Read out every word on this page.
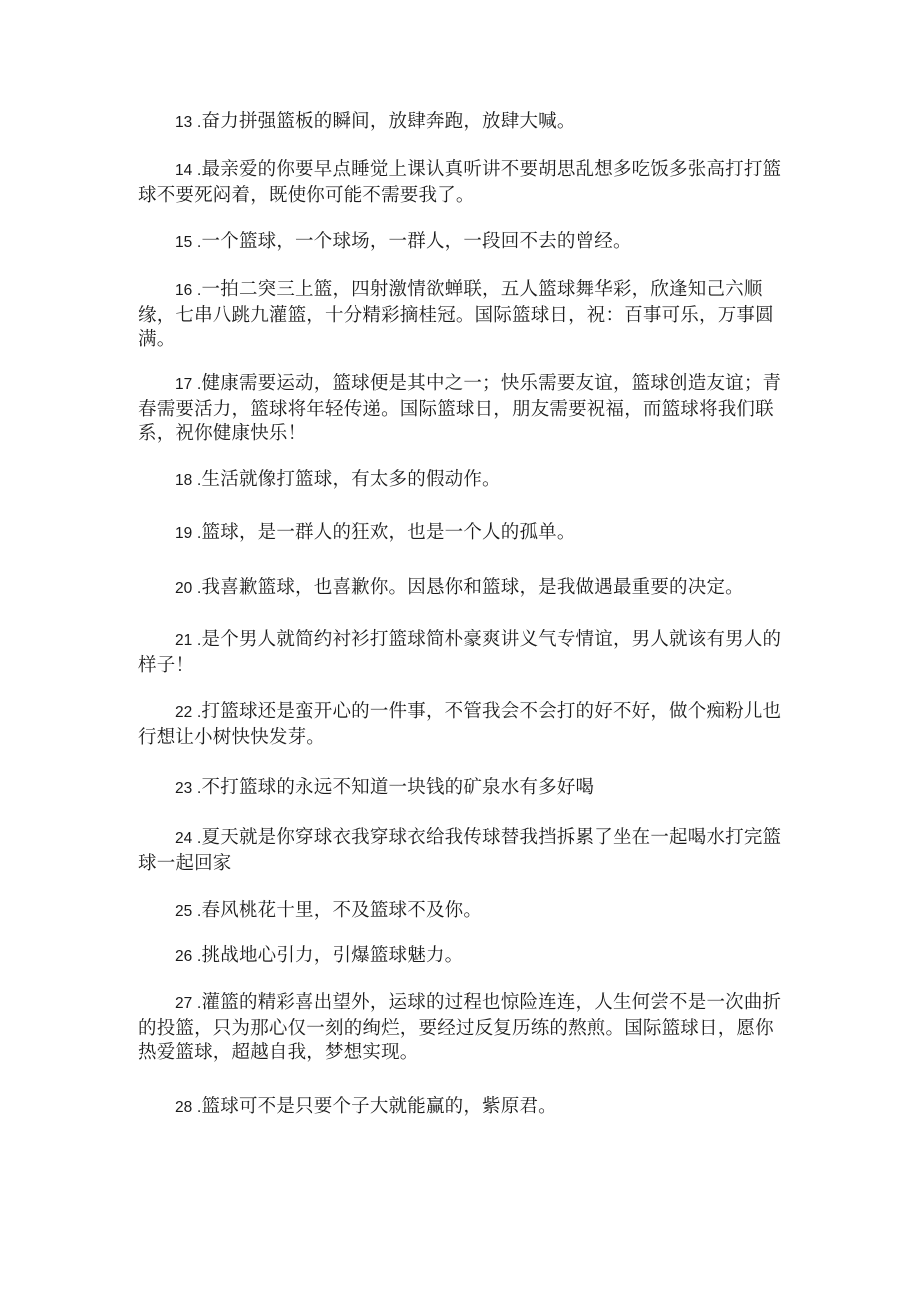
13 .奋力拼强篮板的瞬间，放肆奔跑，放肆大喊。

14 .最亲爱的你要早点睡觉上课认真听讲不要胡思乱想多吃饭多张高打打篮球不要死闷着，既使你可能不需要我了。

15 .一个篮球，一个球场，一群人，一段回不去的曾经。

16 .一拍二突三上篮，四射激情欲蝉联，五人篮球舞华彩，欣逢知己六顺缘，七串八跳九灌篮，十分精彩摘桂冠。国际篮球日，祝：百事可乐，万事圆满。

17 .健康需要运动，篮球便是其中之一；快乐需要友谊，篮球创造友谊；青春需要活力，篮球将年轻传递。国际篮球日，朋友需要祝福，而篮球将我们联系，祝你健康快乐！

18 .生活就像打篮球，有太多的假动作。

19 .篮球，是一群人的狂欢，也是一个人的孤单。

20 .我喜歉篮球，也喜歉你。因恳你和篮球，是我做遇最重要的决定。

21 .是个男人就简约衬衫打篮球简朴豪爽讲义气专情谊，男人就该有男人的样子！

22 .打篮球还是蛮开心的一件事，不管我会不会打的好不好，做个痴粉儿也行想让小树快快发芽。

23 .不打篮球的永远不知道一块钱的矿泉水有多好喝

24 .夏天就是你穿球衣我穿球衣给我传球替我挡拆累了坐在一起喝水打完篮球一起回家

25 .春风桃花十里，不及篮球不及你。

26 .挑战地心引力，引爆篮球魅力。

27 .灌篮的精彩喜出望外，运球的过程也惊险连连，人生何尝不是一次曲折的投篮，只为那心仅一刻的绚烂，要经过反复历练的熬煎。国际篮球日，愿你热爱篮球，超越自我，梦想实现。

28 .篮球可不是只要个子大就能赢的，紫原君。
